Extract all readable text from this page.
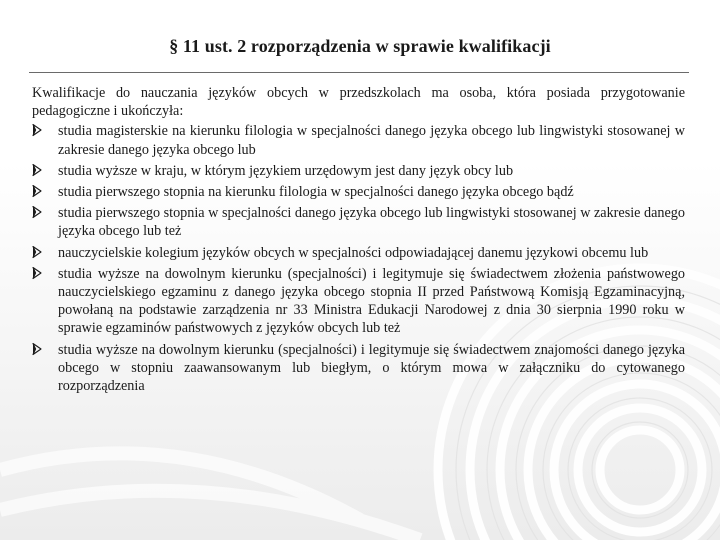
§ 11 ust. 2 rozporządzenia w sprawie kwalifikacji

Kwalifikacje do nauczania języków obcych w przedszkolach ma osoba, która posiada przygotowanie pedagogiczne i ukończyła:

studia magisterskie na kierunku filologia w specjalności danego języka obcego lub lingwistyki stosowanej w zakresie danego języka obcego lub
studia wyższe w kraju, w którym językiem urzędowym jest dany język obcy lub
studia pierwszego stopnia na kierunku filologia w specjalności danego języka obcego bądź
studia pierwszego stopnia w specjalności danego języka obcego lub lingwistyki stosowanej w zakresie danego języka obcego lub też
nauczycielskie kolegium języków obcych w specjalności odpowiadającej danemu językowi obcemu lub
studia wyższe na dowolnym kierunku (specjalności) i legitymuje się świadectwem złożenia państwowego nauczycielskiego egzaminu z danego języka obcego stopnia II przed Państwową Komisją Egzaminacyjną, powołaną na podstawie zarządzenia nr 33 Ministra Edukacji Narodowej z dnia 30 sierpnia 1990 roku w sprawie egzaminów państwowych z języków obcych lub też
studia wyższe na dowolnym kierunku (specjalności) i legitymuje się świadectwem znajomości danego języka obcego w stopniu zaawansowanym lub biegłym, o którym mowa w załączniku do cytowanego rozporządzenia
